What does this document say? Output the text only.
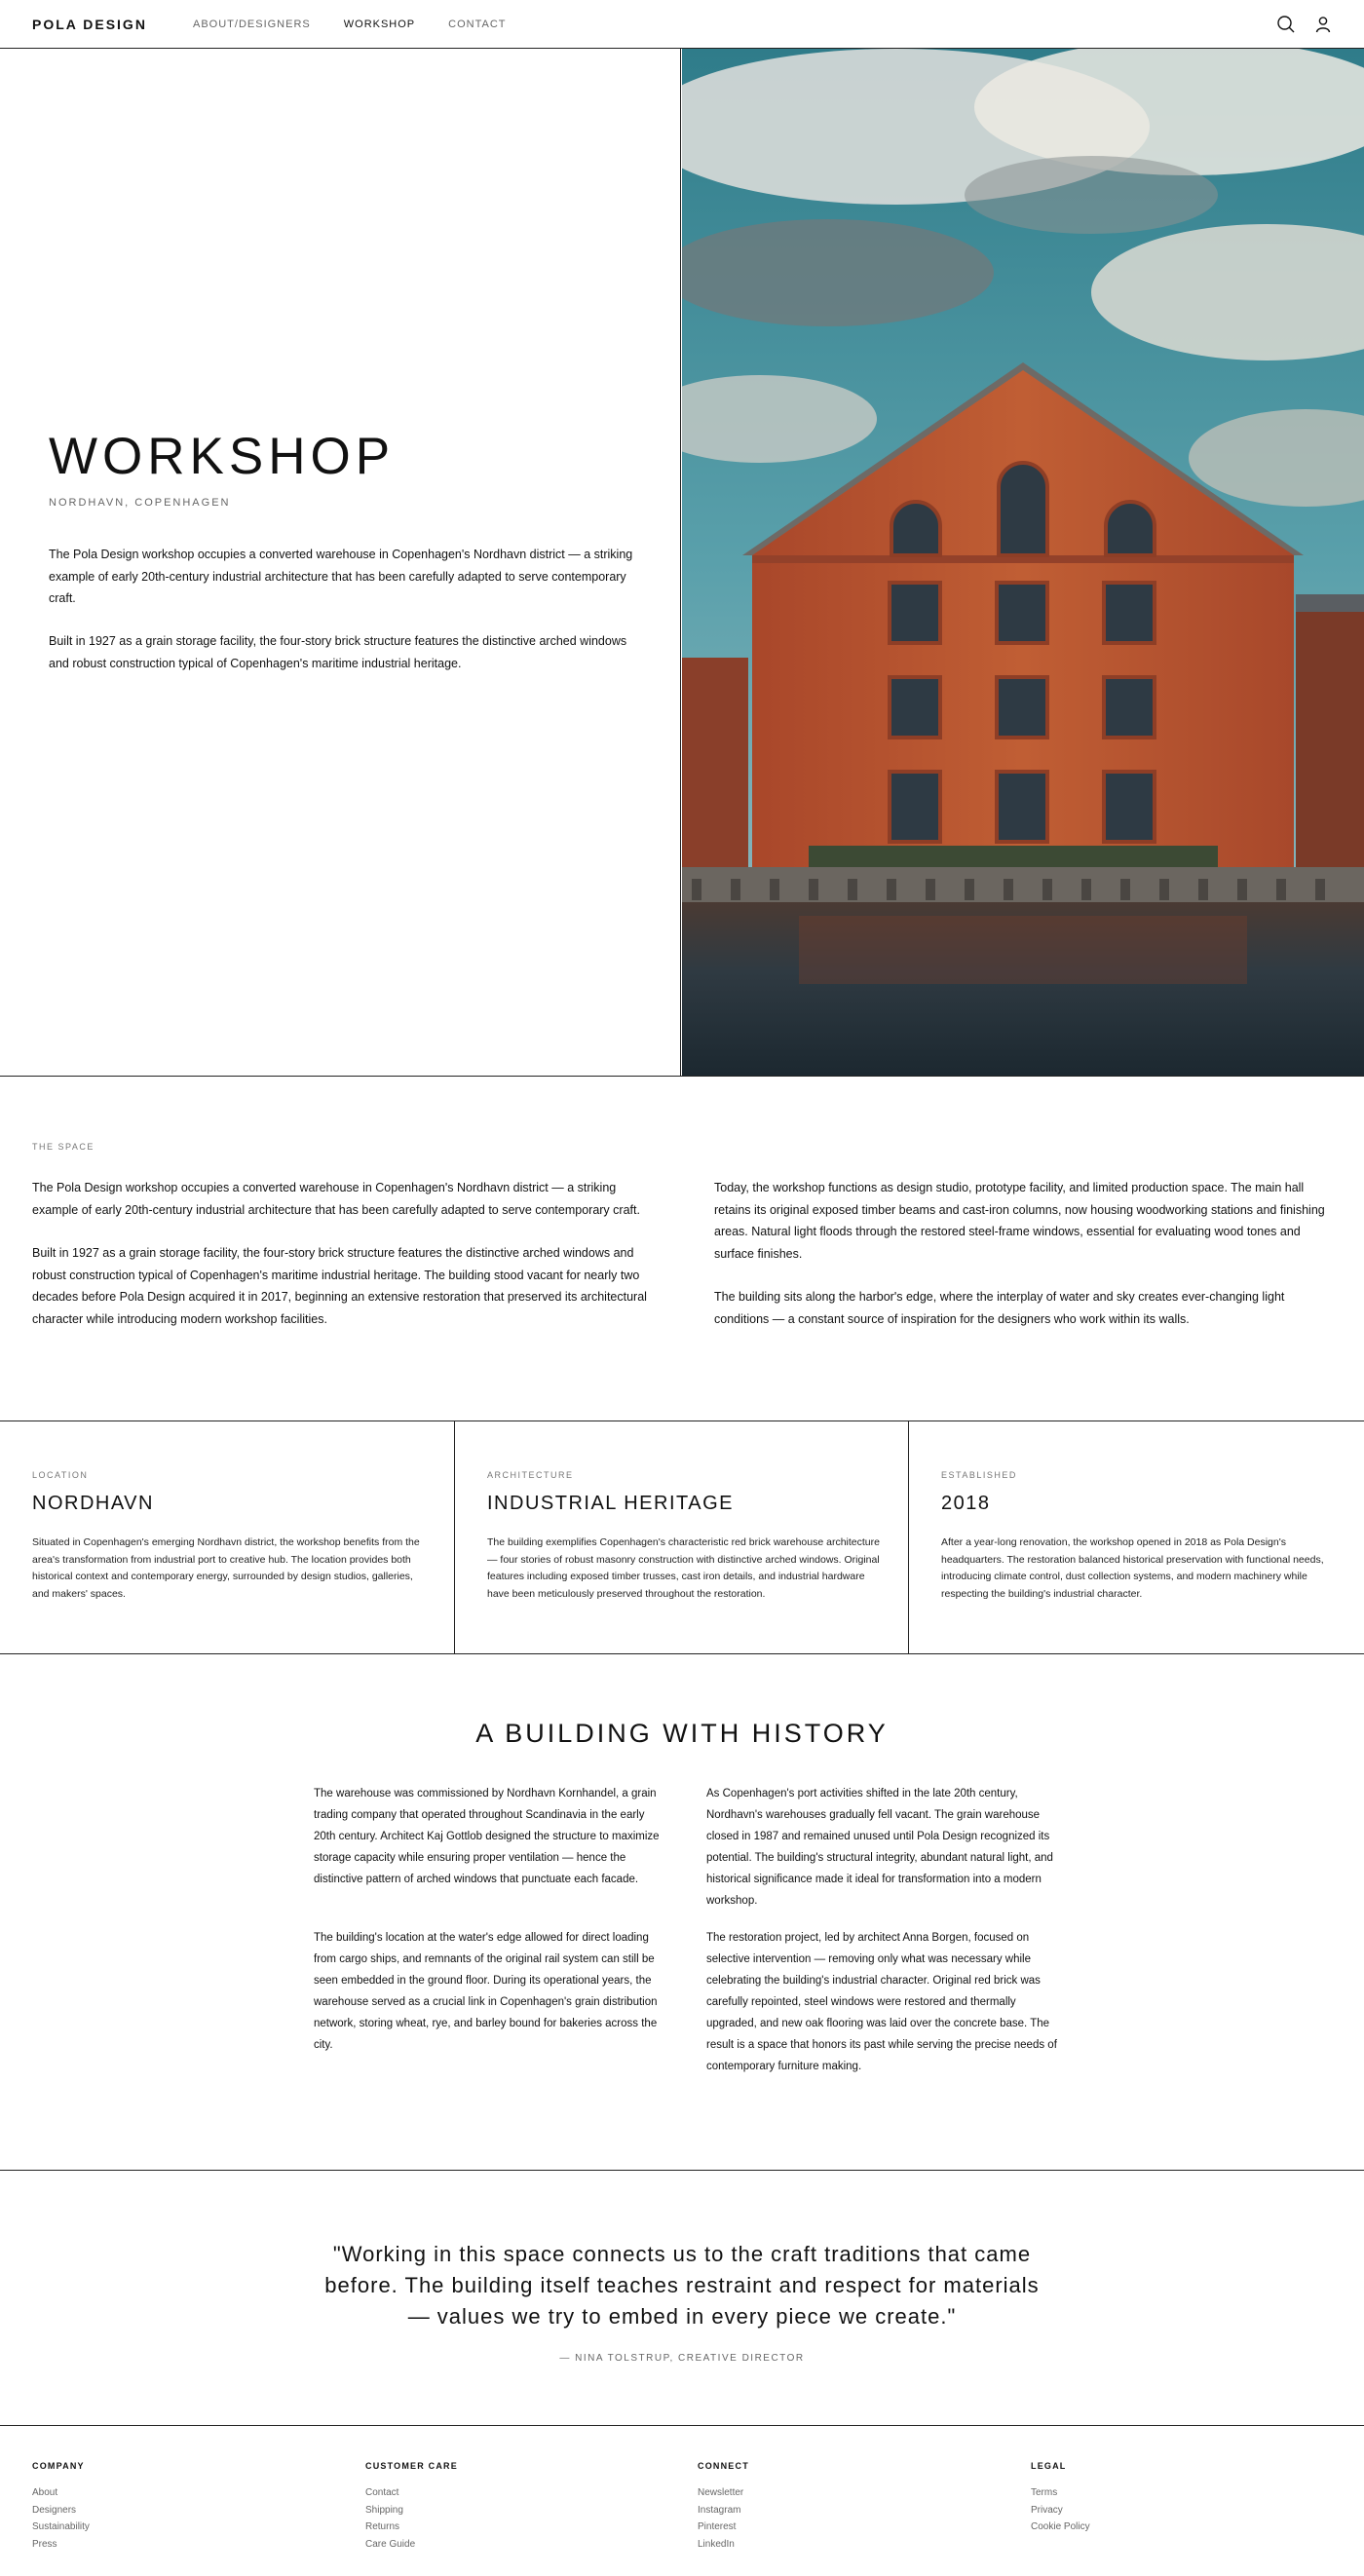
POLA DESIGN	ABOUT/DESIGNERS	WORKSHOP	CONTACT
WORKSHOP
NORDHAVN, COPENHAGEN

The Pola Design workshop occupies a converted warehouse in Copenhagen's Nordhavn district — a striking example of early 20th-century industrial architecture that has been carefully adapted to serve contemporary craft.

Built in 1927 as a grain storage facility, the four-story brick structure features the distinctive arched windows and robust construction typical of Copenhagen's maritime industrial heritage.

THE SPACE

The Pola Design workshop occupies a converted warehouse in Copenhagen's Nordhavn district — a striking example of early 20th-century industrial architecture that has been carefully adapted to serve contemporary craft.

Built in 1927 as a grain storage facility, the four-story brick structure features the distinctive arched windows and robust construction typical of Copenhagen's maritime industrial heritage. The building stood vacant for nearly two decades before Pola Design acquired it in 2017, beginning an extensive restoration that preserved its architectural character while introducing modern workshop facilities.

Today, the workshop functions as design studio, prototype facility, and limited production space. The main hall retains its original exposed timber beams and cast-iron columns, now housing woodworking stations and finishing areas. Natural light floods through the restored steel-frame windows, essential for evaluating wood tones and surface finishes.

The building sits along the harbor's edge, where the interplay of water and sky creates ever-changing light conditions — a constant source of inspiration for the designers who work within its walls.

LOCATION
NORDHAVN

Situated in Copenhagen's emerging Nordhavn district, the workshop benefits from the area's transformation from industrial port to creative hub. The location provides both historical context and contemporary energy, surrounded by design studios, galleries, and makers' spaces.

ARCHITECTURE
INDUSTRIAL HERITAGE

The building exemplifies Copenhagen's characteristic red brick warehouse architecture — four stories of robust masonry construction with distinctive arched windows. Original features including exposed timber trusses, cast iron details, and industrial hardware have been meticulously preserved throughout the restoration.

ESTABLISHED
2018

After a year-long renovation, the workshop opened in 2018 as Pola Design's headquarters. The restoration balanced historical preservation with functional needs, introducing climate control, dust collection systems, and modern machinery while respecting the building's industrial character.

A BUILDING WITH HISTORY

The warehouse was commissioned by Nordhavn Kornhandel, a grain trading company that operated throughout Scandinavia in the early 20th century. Architect Kaj Gottlob designed the structure to maximize storage capacity while ensuring proper ventilation — hence the distinctive pattern of arched windows that punctuate each facade.

The building's location at the water's edge allowed for direct loading from cargo ships, and remnants of the original rail system can still be seen embedded in the ground floor. During its operational years, the warehouse served as a crucial link in Copenhagen's grain distribution network, storing wheat, rye, and barley bound for bakeries across the city.

As Copenhagen's port activities shifted in the late 20th century, Nordhavn's warehouses gradually fell vacant. The grain warehouse closed in 1987 and remained unused until Pola Design recognized its potential. The building's structural integrity, abundant natural light, and historical significance made it ideal for transformation into a modern workshop.

The restoration project, led by architect Anna Borgen, focused on selective intervention — removing only what was necessary while celebrating the building's industrial character. Original red brick was carefully repointed, steel windows were restored and thermally upgraded, and new oak flooring was laid over the concrete base. The result is a space that honors its past while serving the precise needs of contemporary furniture making.

"Working in this space connects us to the craft traditions that came before. The building itself teaches restraint and respect for materials — values we try to embed in every piece we create."
— NINA TOLSTRUP, CREATIVE DIRECTOR
COMPANY
About
Designers
Sustainability
Press
CUSTOMER CARE
Contact
Shipping
Returns
Care Guide
CONNECT
Newsletter
Instagram
Pinterest
LinkedIn
LEGAL
Terms
Privacy
Cookie Policy
